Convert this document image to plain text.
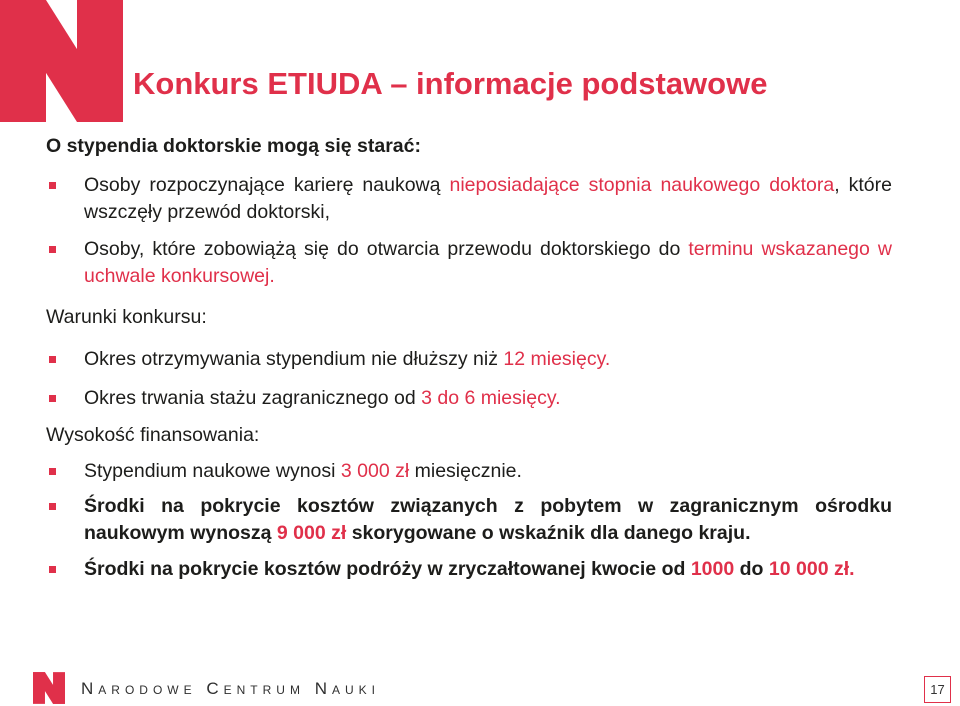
Konkurs ETIUDA – informacje podstawowe
O stypendia doktorskie mogą się starać:
Osoby rozpoczynające karierę naukową nieposiadające stopnia naukowego doktora, które wszczęły przewód doktorski,
Osoby, które zobowiążą się do otwarcia przewodu doktorskiego do terminu wskazanego w uchwale konkursowej.
Warunki konkursu:
Okres otrzymywania stypendium nie dłuższy niż 12 miesięcy.
Okres trwania stażu zagranicznego od 3 do 6 miesięcy.
Wysokość finansowania:
Stypendium naukowe wynosi 3 000 zł miesięcznie.
Środki na pokrycie kosztów związanych z pobytem w zagranicznym ośrodku naukowym wynoszą 9 000 zł skorygowane o wskaźnik dla danego kraju.
Środki na pokrycie kosztów podróży w zryczałtowanej kwocie od 1000 do 10 000 zł.
NARODOWE CENTRUM NAUKI	17
